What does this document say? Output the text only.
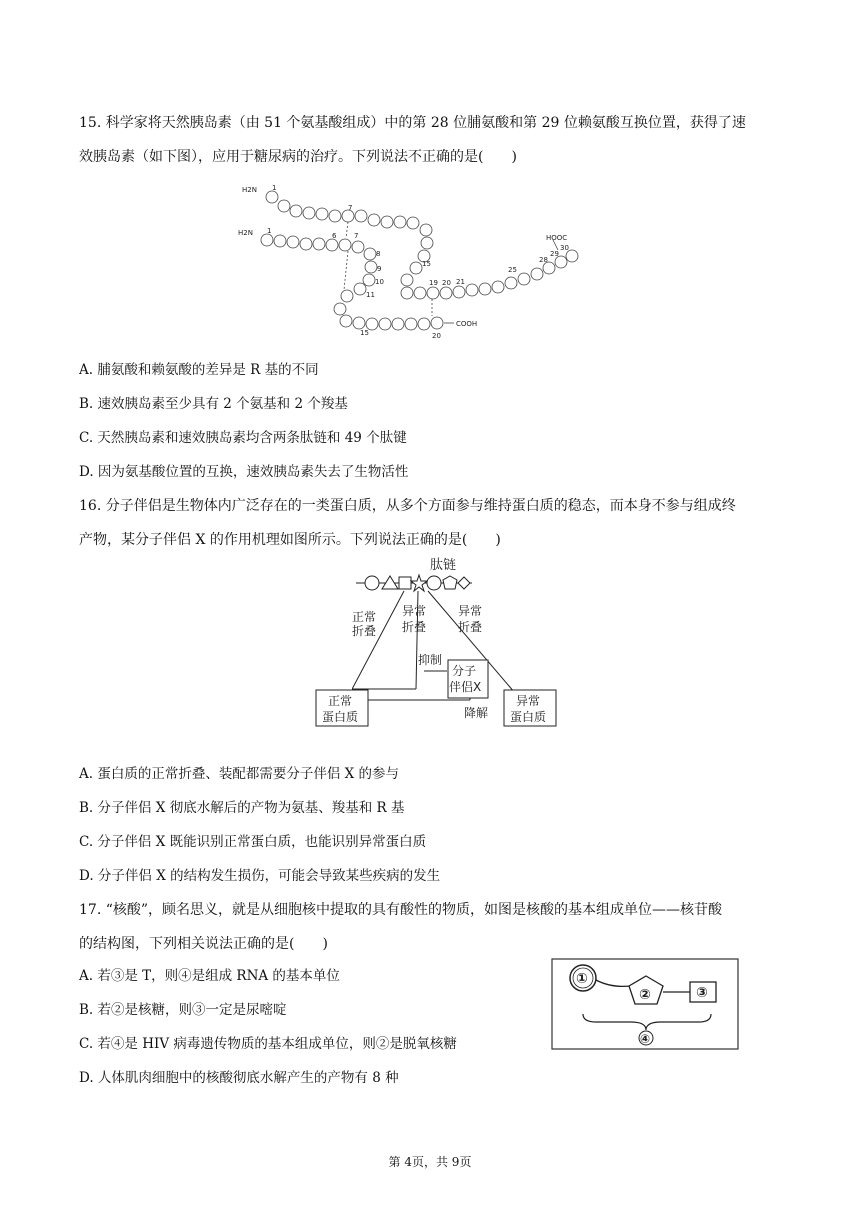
15. 科学家将天然胰岛素（由 51 个氨基酸组成）中的第 28 位脯氨酸和第 29 位赖氨酸互换位置，获得了速
效胰岛素（如下图），应用于糖尿病的治疗。下列说法不正确的是(　　)
H2N
H2N
HOOC
COOH
1
7
1
6	7
8
9
10
11
15
19 20 21
25
28
29
30
20
15
A. 脯氨酸和赖氨酸的差异是 R 基的不同
B. 速效胰岛素至少具有 2 个氨基和 2 个羧基
C. 天然胰岛素和速效胰岛素均含两条肽链和 49 个肽键
D. 因为氨基酸位置的互换，速效胰岛素失去了生物活性
16. 分子伴侣是生物体内广泛存在的一类蛋白质，从多个方面参与维持蛋白质的稳态，而本身不参与组成终
产物，某分子伴侣 X 的作用机理如图所示。下列说法正确的是(　　)
肽链
正常
折叠
异常
折叠
异常
折叠
抑制
降解
分子
伴侣X
正常
蛋白质
异常
蛋白质
A. 蛋白质的正常折叠、装配都需要分子伴侣 X 的参与
B. 分子伴侣 X 彻底水解后的产物为氨基、羧基和 R 基
C. 分子伴侣 X 既能识别正常蛋白质，也能识别异常蛋白质
D. 分子伴侣 X 的结构发生损伤，可能会导致某些疾病的发生
17. “核酸”，顾名思义，就是从细胞核中提取的具有酸性的物质，如图是核酸的基本组成单位——核苷酸
的结构图，下列相关说法正确的是(　　)
①
②	③
④
A. 若③是 T，则④是组成 RNA 的基本单位
B. 若②是核糖，则③一定是尿嘧啶
C. 若④是 HIV 病毒遗传物质的基本组成单位，则②是脱氧核糖
D. 人体肌肉细胞中的核酸彻底水解产生的产物有 8 种
第 4页，共 9页
